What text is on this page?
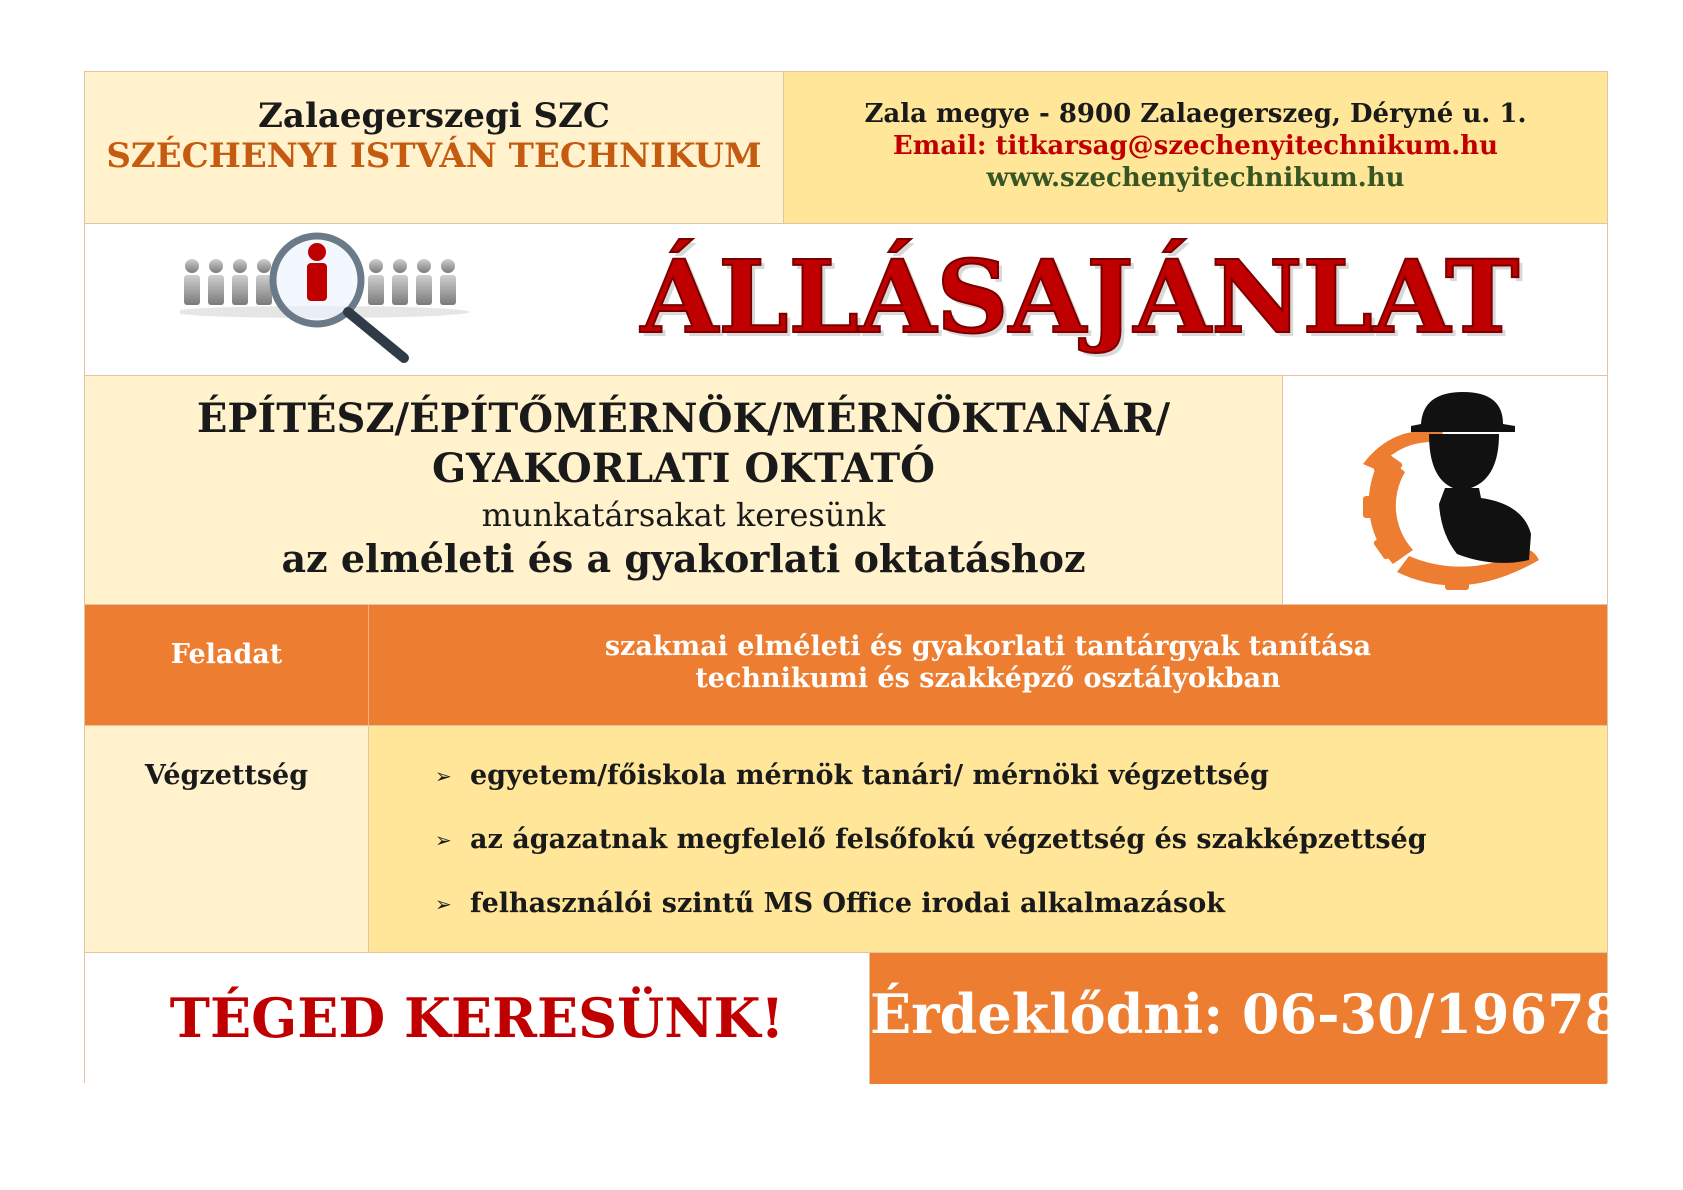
Zalaegerszegi SZC
SZÉCHENYI ISTVÁN TECHNIKUM
Zala megye - 8900 Zalaegerszeg, Déryné u. 1.
Email: titkarsag@szechenyitechnikum.hu
www.szechenyitechnikum.hu
ÁLLÁSAJÁNLAT
ÉPÍTÉSZ/ÉPÍTŐMÉRNÖK/MÉRNÖKTANÁR/
GYAKORLATI OKTATÓ
munkatársakat keresünk
az elméleti és a gyakorlati oktatáshoz
Feladat	szakmai elméleti és gyakorlati tantárgyak tanítása
technikumi és szakképző osztályokban
Végzettség	➢ egyetem/főiskola mérnök tanári/ mérnöki végzettség
➢ az ágazatnak megfelelő felsőfokú végzettség és szakképzettség
➢ felhasználói szintű MS Office irodai alkalmazások
TÉGED KERESÜNK!	Érdeklődni: 06-30/19678
